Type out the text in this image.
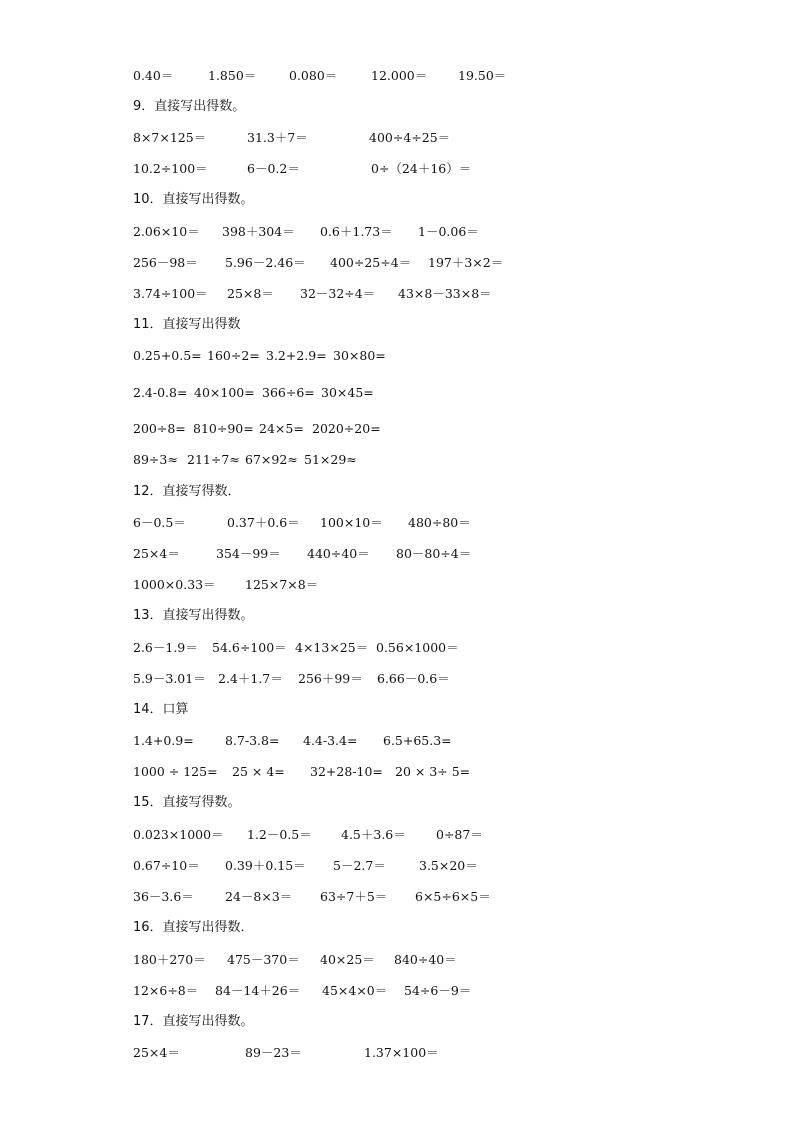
0.40＝	1.850＝	0.080＝	12.000＝ 19.50＝
9．直接写出得数。
8×7×125＝	31.3＋7＝	400÷4÷25＝
10.2÷100＝	6－0.2＝	0÷（24＋16）＝
10．直接写出得数。
2.06×10＝ 398＋304＝ 0.6＋1.73＝ 1－0.06＝
256－98＝ 5.96－2.46＝ 400÷25÷4＝ 197＋3×2＝
3.74÷100＝ 25×8＝ 32－32÷4＝ 43×8－33×8＝
11．直接写出得数
0.25+0.5= 160÷2= 3.2+2.9= 30×80=
2.4-0.8= 40×100= 366÷6= 30×45=
200÷8= 810÷90= 24×5= 2020÷20=
89÷3≈ 211÷7≈ 67×92≈ 51×29≈
12．直接写得数．
6－0.5＝	0.37＋0.6＝ 100×10＝ 480÷80＝
25×4＝	354－99＝ 440÷40＝ 80－80÷4＝
1000×0.33＝ 125×7×8＝
13．直接写出得数。
2.6－1.9＝ 54.6÷100＝ 4×13×25＝ 0.56×1000＝
5.9－3.01＝ 2.4＋1.7＝ 256＋99＝ 6.66－0.6＝
14．口算
1.4+0.9=	8.7-3.8= 4.4-3.4= 6.5+65.3=
1000 ÷ 125= 25 × 4= 32+28-10= 20 × 3÷ 5=
15．直接写得数。
0.023×1000＝ 1.2－0.5＝ 4.5＋3.6＝ 0÷87＝
0.67÷10＝ 0.39＋0.15＝ 5－2.7＝	3.5×20＝
36－3.6＝ 24－8×3＝ 63÷7＋5＝ 6×5÷6×5＝
16．直接写出得数．
180＋270＝ 475－370＝ 40×25＝ 840÷40＝
12×6÷8＝ 84－14＋26＝ 45×4×0＝ 54÷6－9＝
17．直接写出得数。
25×4＝	89－23＝	1.37×100＝
